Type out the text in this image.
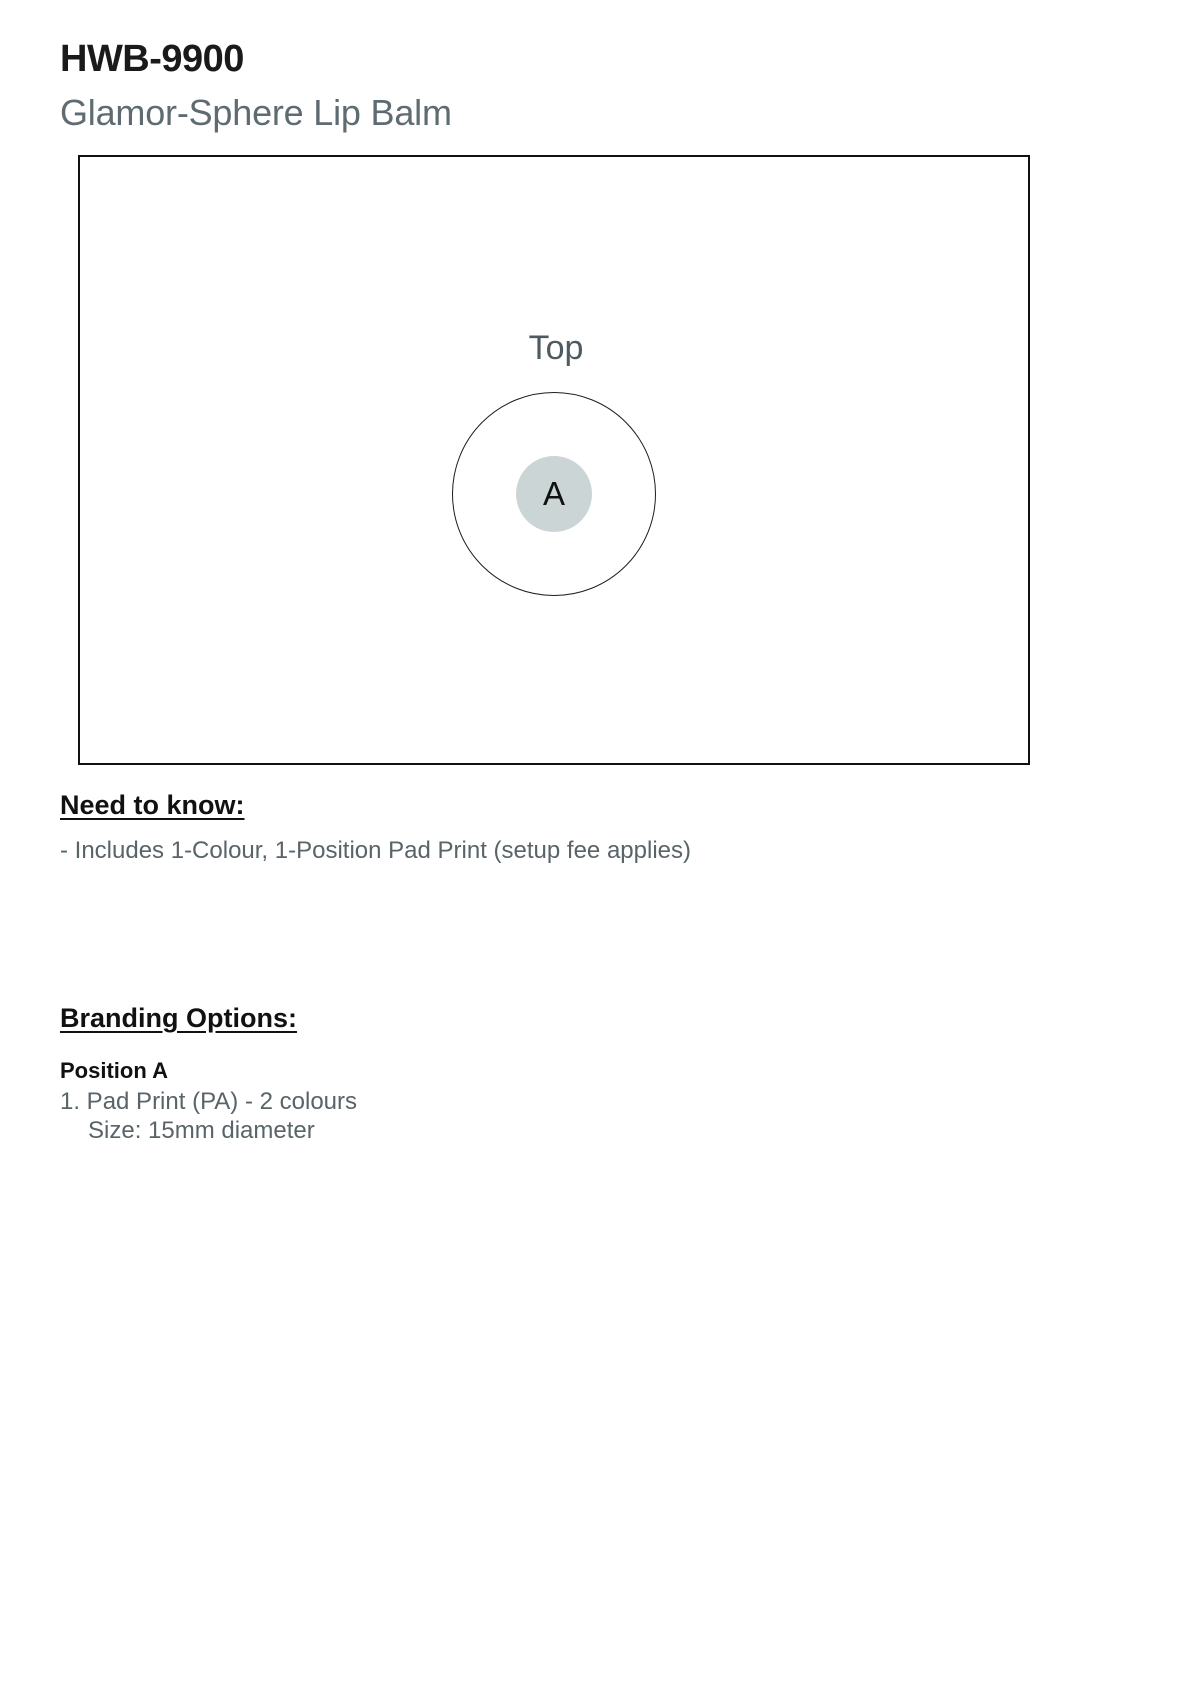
HWB-9900
Glamor-Sphere Lip Balm
Top
A
Need to know:
- Includes 1-Colour, 1-Position Pad Print (setup fee applies)
Branding Options:
Position A
1. Pad Print (PA) - 2 colours
Size: 15mm diameter
